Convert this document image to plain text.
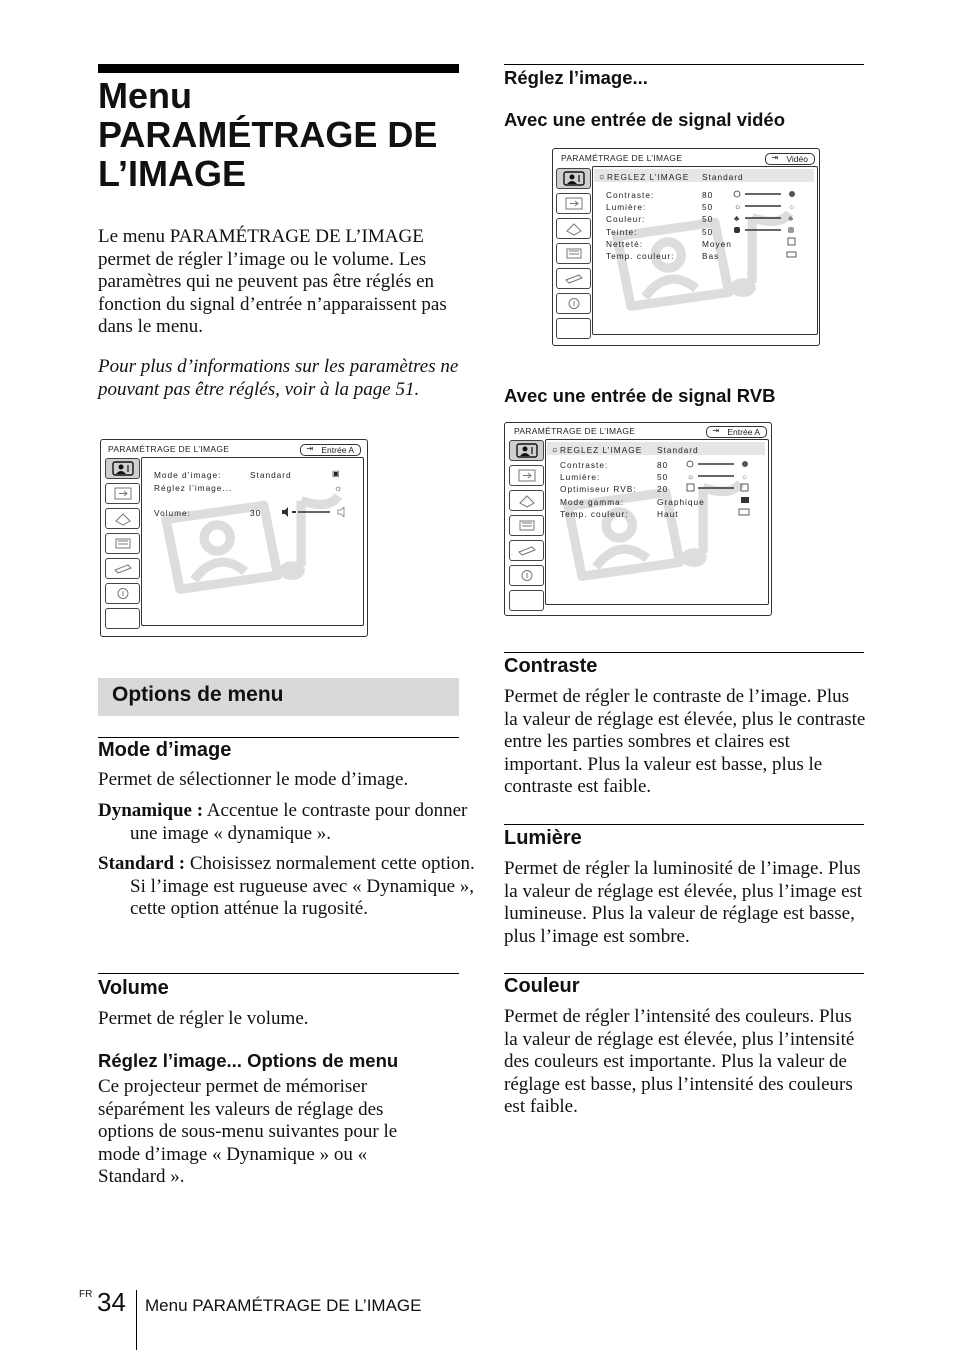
Menu
PARAMÉTRAGE DE
L’IMAGE

Le menu PARAMÉTRAGE DE L’IMAGE permet de régler l’image ou le volume. Les paramètres qui ne peuvent pas être réglés en fonction du signal d’entrée n’apparaissent pas dans le menu.

Pour plus d’informations sur les paramètres ne pouvant pas être réglés, voir à la page 51.

PARAMÉTRAGE DE L’IMAGE	⇥ Entrée A
Mode d’image:	Standard	▣
Réglez l’image...	☼
Volume:	30
Options de menu
Mode d’image

Permet de sélectionner le mode d’image.

Dynamique : Accentue le contraste pour donner une image « dynamique ».

Standard : Choisissez normalement cette option. Si l’image est rugueuse avec « Dynamique », cette option atténue la rugosité.

Volume

Permet de régler le volume.

Réglez l’image... Options de menu

Ce projecteur permet de mémoriser séparément les valeurs de réglage des options de sous-menu suivantes pour le mode d’image « Dynamique » ou « Standard ».

Réglez l’image...
Avec une entrée de signal vidéo
PARAMÉTRAGE DE L’IMAGE	⇥ Vidéo
☼ REGLEZ L’IMAGE Standard
Contraste:	80
Lumière:	50
Couleur:	50
Teinte:	50
Netteté:	Moyen
Temp. couleur:	Bas
☼	☼
♣	♣
Avec une entrée de signal RVB
PARAMÉTRAGE DE L’IMAGE	⇥ Entrée A
☼ REGLEZ L’IMAGE Standard
Contraste:	80
Lumière:	50
Optimiseur RVB: 20
Mode gamma:	Graphique
Temp. couleur:	Haut
☼	☼
Contraste

Permet de régler le contraste de l’image. Plus la valeur de réglage est élevée, plus le contraste entre les parties sombres et claires est important. Plus la valeur est basse, plus le contraste est faible.

Lumière

Permet de régler la luminosité de l’image. Plus la valeur de réglage est élevée, plus l’image est lumineuse. Plus la valeur de réglage est basse, plus l’image est sombre.

Couleur

Permet de régler l’intensité des couleurs. Plus la valeur de réglage est élevée, plus l’intensité des couleurs est importante. Plus la valeur de réglage est basse, plus l’intensité des couleurs est faible.

FR 34 Menu PARAMÉTRAGE DE L’IMAGE
